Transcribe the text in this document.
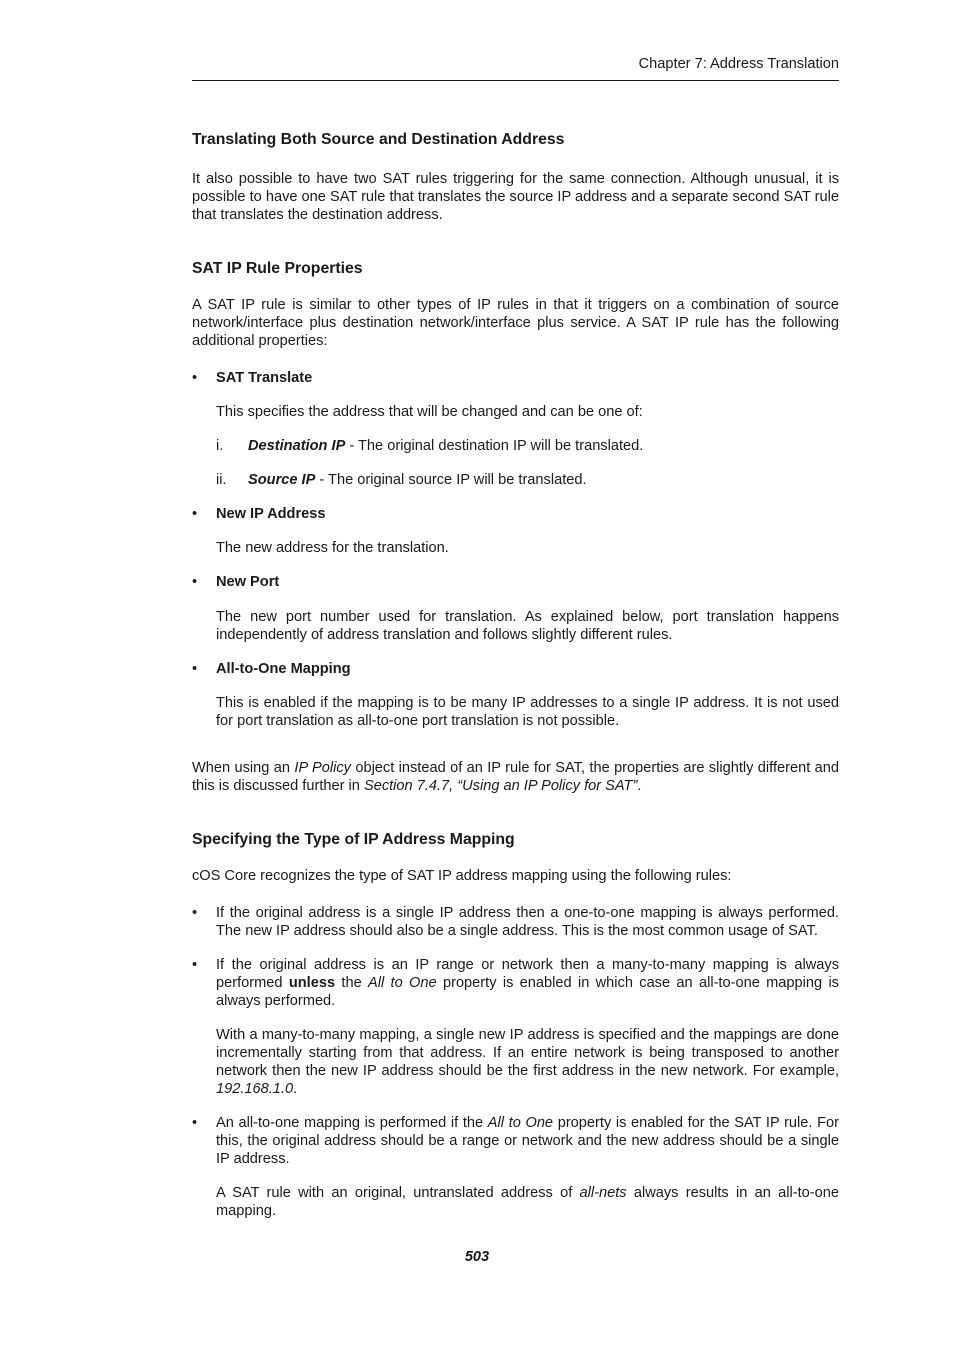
Chapter 7: Address Translation
Translating Both Source and Destination Address

It also possible to have two SAT rules triggering for the same connection. Although unusual, it is possible to have one SAT rule that translates the source IP address and a separate second SAT rule that translates the destination address.

SAT IP Rule Properties

A SAT IP rule is similar to other types of IP rules in that it triggers on a combination of source network/interface plus destination network/interface plus service. A SAT IP rule has the following additional properties:

•	SAT Translate

This specifies the address that will be changed and can be one of:

i. Destination IP - The original destination IP will be translated.
ii. Source IP - The original source IP will be translated.
•	New IP Address

The new address for the translation.

•	New Port

The new port number used for translation. As explained below, port translation happens independently of address translation and follows slightly different rules.

•	All-to-One Mapping

This is enabled if the mapping is to be many IP addresses to a single IP address. It is not used for port translation as all-to-one port translation is not possible.

When using an IP Policy object instead of an IP rule for SAT, the properties are slightly different and this is discussed further in Section 7.4.7, “Using an IP Policy for SAT”.

Specifying the Type of IP Address Mapping

cOS Core recognizes the type of SAT IP address mapping using the following rules:

•	If the original address is a single IP address then a one-to-one mapping is always performed. The new IP address should also be a single address. This is the most common usage of SAT.
•	If the original address is an IP range or network then a many-to-many mapping is always performed unless the All to One property is enabled in which case an all-to-one mapping is always performed.

With a many-to-many mapping, a single new IP address is specified and the mappings are done incrementally starting from that address. If an entire network is being transposed to another network then the new IP address should be the first address in the new network. For example, 192.168.1.0.

•	An all-to-one mapping is performed if the All to One property is enabled for the SAT IP rule. For this, the original address should be a range or network and the new address should be a single IP address.

A SAT rule with an original, untranslated address of all-nets always results in an all-to-one mapping.

503
